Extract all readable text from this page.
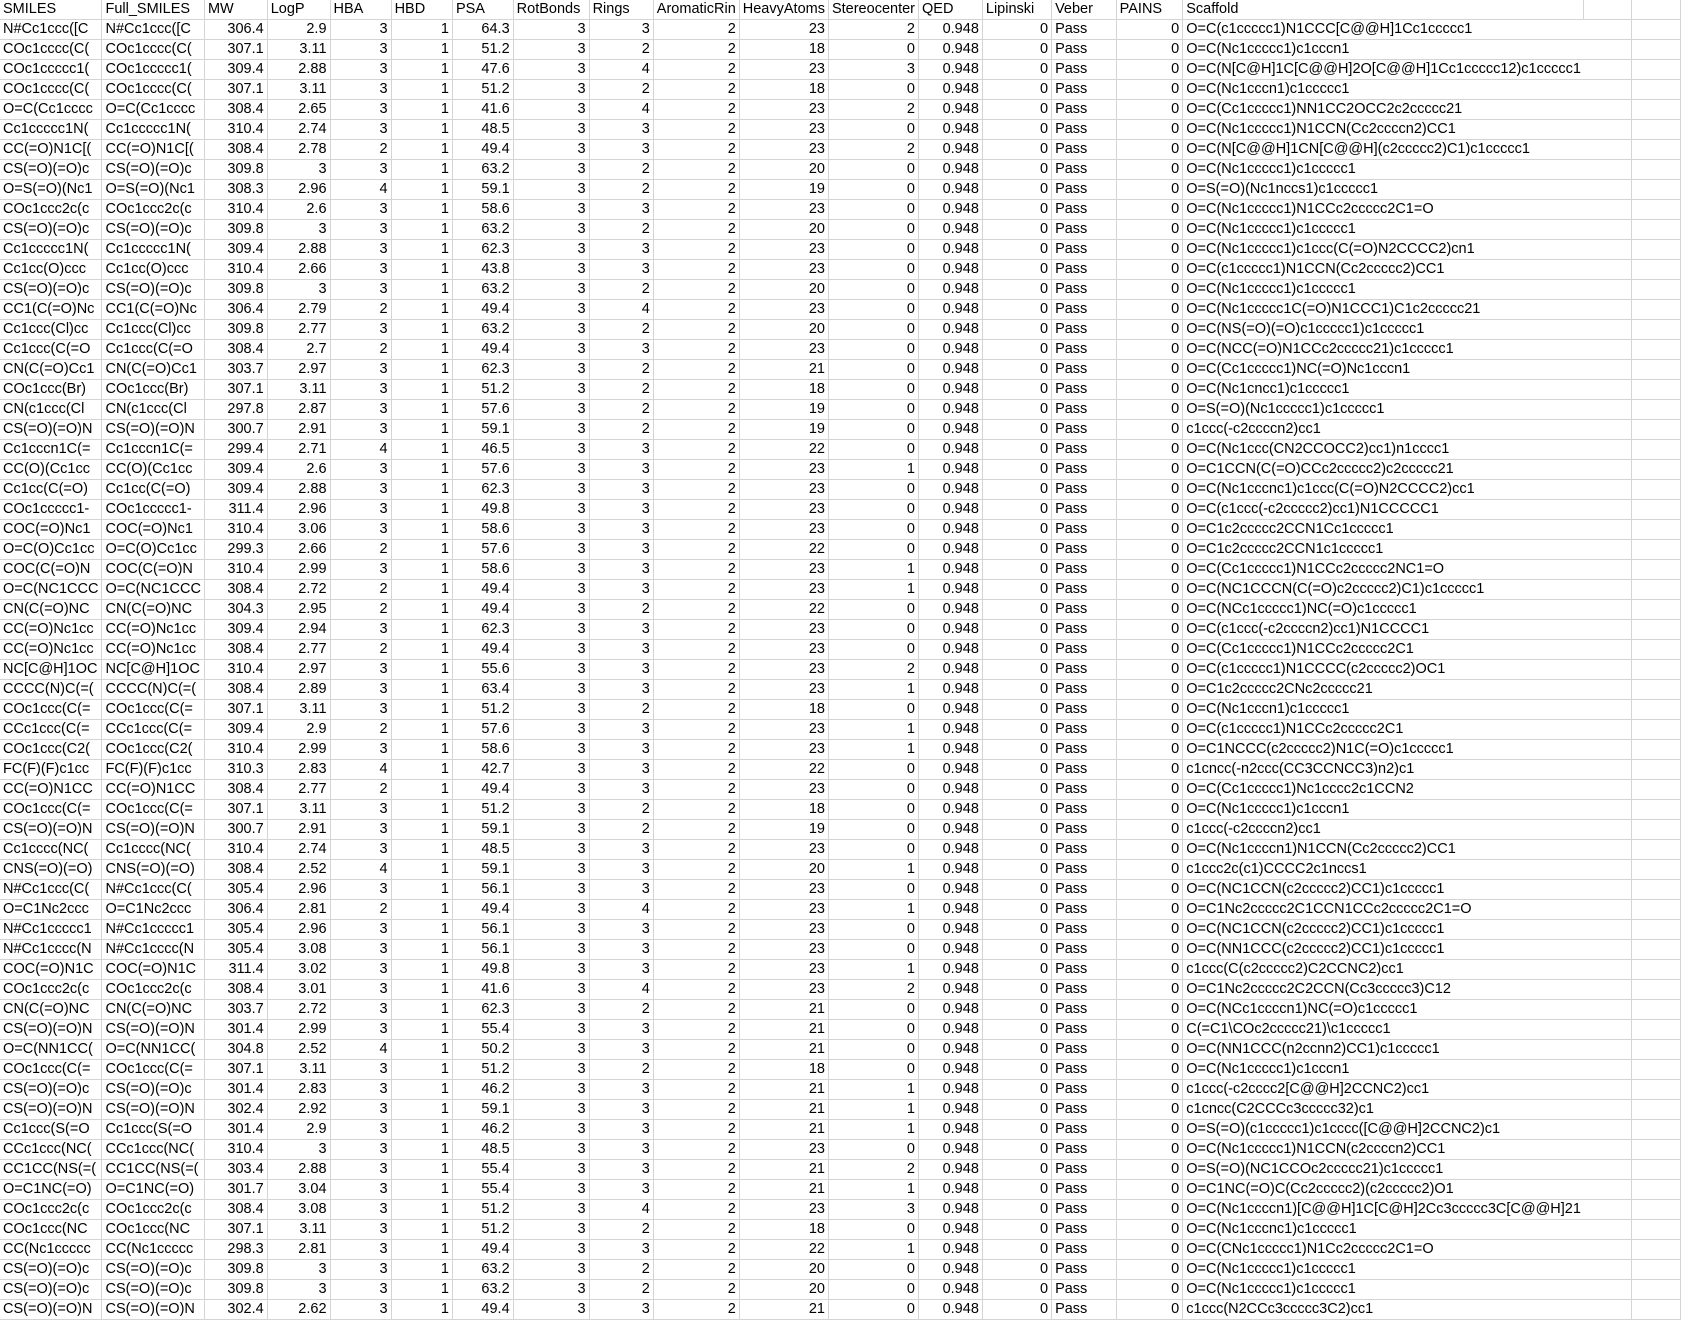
SMILES	Full_SMILES	MW	LogP	HBA	HBD	PSA	RotBonds	Rings	AromaticRin	HeavyAtoms	Stereocenter	QED	Lipinski	Veber	PAINS	Scaffold		
N#Cc1ccc([C	N#Cc1ccc([C	306.4	2.9	3	1	64.3	3	3	2	23	2	0.948	0	Pass	0	O=C(c1ccccc1)N1CCC[C@@H]1Cc1ccccc1		
COc1cccc(C(	COc1cccc(C(	307.1	3.11	3	1	51.2	3	2	2	18	0	0.948	0	Pass	0	O=C(Nc1ccccc1)c1cccn1		
COc1ccccc1(	COc1ccccc1(	309.4	2.88	3	1	47.6	3	4	2	23	3	0.948	0	Pass	0	O=C(N[C@H]1C[C@@H]2O[C@@H]1Cc1ccccc12)c1ccccc1		
COc1cccc(C(	COc1cccc(C(	307.1	3.11	3	1	51.2	3	2	2	18	0	0.948	0	Pass	0	O=C(Nc1cccn1)c1ccccc1		
O=C(Cc1cccc	O=C(Cc1cccc	308.4	2.65	3	1	41.6	3	4	2	23	2	0.948	0	Pass	0	O=C(Cc1ccccc1)NN1CC2OCC2c2ccccc21		
Cc1ccccc1N(	Cc1ccccc1N(	310.4	2.74	3	1	48.5	3	3	2	23	0	0.948	0	Pass	0	O=C(Nc1ccccc1)N1CCN(Cc2ccccn2)CC1		
CC(=O)N1C[(	CC(=O)N1C[(	308.4	2.78	2	1	49.4	3	3	2	23	2	0.948	0	Pass	0	O=C(N[C@@H]1CN[C@@H](c2ccccc2)C1)c1ccccc1		
CS(=O)(=O)c	CS(=O)(=O)c	309.8	3	3	1	63.2	3	2	2	20	0	0.948	0	Pass	0	O=C(Nc1ccccc1)c1ccccc1		
O=S(=O)(Nc1	O=S(=O)(Nc1	308.3	2.96	4	1	59.1	3	2	2	19	0	0.948	0	Pass	0	O=S(=O)(Nc1nccs1)c1ccccc1		
COc1ccc2c(c	COc1ccc2c(c	310.4	2.6	3	1	58.6	3	3	2	23	0	0.948	0	Pass	0	O=C(Nc1ccccc1)N1CCc2ccccc2C1=O		
CS(=O)(=O)c	CS(=O)(=O)c	309.8	3	3	1	63.2	3	2	2	20	0	0.948	0	Pass	0	O=C(Nc1ccccc1)c1ccccc1		
Cc1ccccc1N(	Cc1ccccc1N(	309.4	2.88	3	1	62.3	3	3	2	23	0	0.948	0	Pass	0	O=C(Nc1ccccc1)c1ccc(C(=O)N2CCCC2)cn1		
Cc1cc(O)ccc	Cc1cc(O)ccc	310.4	2.66	3	1	43.8	3	3	2	23	0	0.948	0	Pass	0	O=C(c1ccccc1)N1CCN(Cc2ccccc2)CC1		
CS(=O)(=O)c	CS(=O)(=O)c	309.8	3	3	1	63.2	3	2	2	20	0	0.948	0	Pass	0	O=C(Nc1ccccc1)c1ccccc1		
CC1(C(=O)Nc	CC1(C(=O)Nc	306.4	2.79	2	1	49.4	3	4	2	23	0	0.948	0	Pass	0	O=C(Nc1ccccc1C(=O)N1CCC1)C1c2ccccc21		
Cc1ccc(Cl)cc	Cc1ccc(Cl)cc	309.8	2.77	3	1	63.2	3	2	2	20	0	0.948	0	Pass	0	O=C(NS(=O)(=O)c1ccccc1)c1ccccc1		
Cc1ccc(C(=O	Cc1ccc(C(=O	308.4	2.7	2	1	49.4	3	3	2	23	0	0.948	0	Pass	0	O=C(NCC(=O)N1CCc2ccccc21)c1ccccc1		
CN(C(=O)Cc1	CN(C(=O)Cc1	303.7	2.97	3	1	62.3	3	2	2	21	0	0.948	0	Pass	0	O=C(Cc1ccccc1)NC(=O)Nc1cccn1		
COc1ccc(Br)	COc1ccc(Br)	307.1	3.11	3	1	51.2	3	2	2	18	0	0.948	0	Pass	0	O=C(Nc1cncc1)c1ccccc1		
CN(c1ccc(Cl	CN(c1ccc(Cl	297.8	2.87	3	1	57.6	3	2	2	19	0	0.948	0	Pass	0	O=S(=O)(Nc1ccccc1)c1ccccc1		
CS(=O)(=O)N	CS(=O)(=O)N	300.7	2.91	3	1	59.1	3	2	2	19	0	0.948	0	Pass	0	c1ccc(-c2ccccn2)cc1		
Cc1cccn1C(=	Cc1cccn1C(=	299.4	2.71	4	1	46.5	3	3	2	22	0	0.948	0	Pass	0	O=C(Nc1ccc(CN2CCOCC2)cc1)n1cccc1		
CC(O)(Cc1cc	CC(O)(Cc1cc	309.4	2.6	3	1	57.6	3	3	2	23	1	0.948	0	Pass	0	O=C1CCN(C(=O)CCc2ccccc2)c2ccccc21		
Cc1cc(C(=O)	Cc1cc(C(=O)	309.4	2.88	3	1	62.3	3	3	2	23	0	0.948	0	Pass	0	O=C(Nc1cccnc1)c1ccc(C(=O)N2CCCC2)cc1		
COc1ccccc1-	COc1ccccc1-	311.4	2.96	3	1	49.8	3	3	2	23	0	0.948	0	Pass	0	O=C(c1ccc(-c2ccccc2)cc1)N1CCCCC1		
COC(=O)Nc1	COC(=O)Nc1	310.4	3.06	3	1	58.6	3	3	2	23	0	0.948	0	Pass	0	O=C1c2ccccc2CCN1Cc1ccccc1		
O=C(O)Cc1cc	O=C(O)Cc1cc	299.3	2.66	2	1	57.6	3	3	2	22	0	0.948	0	Pass	0	O=C1c2ccccc2CCN1c1ccccc1		
COC(C(=O)N	COC(C(=O)N	310.4	2.99	3	1	58.6	3	3	2	23	1	0.948	0	Pass	0	O=C(Cc1ccccc1)N1CCc2ccccc2NC1=O		
O=C(NC1CCC	O=C(NC1CCC	308.4	2.72	2	1	49.4	3	3	2	23	1	0.948	0	Pass	0	O=C(NC1CCCN(C(=O)c2ccccc2)C1)c1ccccc1		
CN(C(=O)NC	CN(C(=O)NC	304.3	2.95	2	1	49.4	3	2	2	22	0	0.948	0	Pass	0	O=C(NCc1ccccc1)NC(=O)c1ccccc1		
CC(=O)Nc1cc	CC(=O)Nc1cc	309.4	2.94	3	1	62.3	3	3	2	23	0	0.948	0	Pass	0	O=C(c1ccc(-c2ccccn2)cc1)N1CCCC1		
CC(=O)Nc1cc	CC(=O)Nc1cc	308.4	2.77	2	1	49.4	3	3	2	23	0	0.948	0	Pass	0	O=C(Cc1ccccc1)N1CCc2ccccc2C1		
NC[C@H]1OC	NC[C@H]1OC	310.4	2.97	3	1	55.6	3	3	2	23	2	0.948	0	Pass	0	O=C(c1ccccc1)N1CCCC(c2ccccc2)OC1		
CCCC(N)C(=(	CCCC(N)C(=(	308.4	2.89	3	1	63.4	3	3	2	23	1	0.948	0	Pass	0	O=C1c2ccccc2CNc2ccccc21		
COc1ccc(C(=	COc1ccc(C(=	307.1	3.11	3	1	51.2	3	2	2	18	0	0.948	0	Pass	0	O=C(Nc1cccn1)c1ccccc1		
CCc1ccc(C(=	CCc1ccc(C(=	309.4	2.9	2	1	57.6	3	3	2	23	1	0.948	0	Pass	0	O=C(c1ccccc1)N1CCc2ccccc2C1		
COc1ccc(C2(	COc1ccc(C2(	310.4	2.99	3	1	58.6	3	3	2	23	1	0.948	0	Pass	0	O=C1NCCC(c2ccccc2)N1C(=O)c1ccccc1		
FC(F)(F)c1cc	FC(F)(F)c1cc	310.3	2.83	4	1	42.7	3	3	2	22	0	0.948	0	Pass	0	c1cncc(-n2ccc(CC3CCNCC3)n2)c1		
CC(=O)N1CC	CC(=O)N1CC	308.4	2.77	2	1	49.4	3	3	2	23	0	0.948	0	Pass	0	O=C(Cc1ccccc1)Nc1cccc2c1CCN2		
COc1ccc(C(=	COc1ccc(C(=	307.1	3.11	3	1	51.2	3	2	2	18	0	0.948	0	Pass	0	O=C(Nc1ccccc1)c1cccn1		
CS(=O)(=O)N	CS(=O)(=O)N	300.7	2.91	3	1	59.1	3	2	2	19	0	0.948	0	Pass	0	c1ccc(-c2ccccn2)cc1		
Cc1cccc(NC(	Cc1cccc(NC(	310.4	2.74	3	1	48.5	3	3	2	23	0	0.948	0	Pass	0	O=C(Nc1ccccn1)N1CCN(Cc2ccccc2)CC1		
CNS(=O)(=O)	CNS(=O)(=O)	308.4	2.52	4	1	59.1	3	3	2	20	1	0.948	0	Pass	0	c1ccc2c(c1)CCCC2c1nccs1		
N#Cc1ccc(C(	N#Cc1ccc(C(	305.4	2.96	3	1	56.1	3	3	2	23	0	0.948	0	Pass	0	O=C(NC1CCN(c2ccccc2)CC1)c1ccccc1		
O=C1Nc2ccc	O=C1Nc2ccc	306.4	2.81	2	1	49.4	3	4	2	23	1	0.948	0	Pass	0	O=C1Nc2ccccc2C1CCN1CCc2ccccc2C1=O		
N#Cc1ccccc1	N#Cc1ccccc1	305.4	2.96	3	1	56.1	3	3	2	23	0	0.948	0	Pass	0	O=C(NC1CCN(c2ccccc2)CC1)c1ccccc1		
N#Cc1cccc(N	N#Cc1cccc(N	305.4	3.08	3	1	56.1	3	3	2	23	0	0.948	0	Pass	0	O=C(NN1CCC(c2ccccc2)CC1)c1ccccc1		
COC(=O)N1C	COC(=O)N1C	311.4	3.02	3	1	49.8	3	3	2	23	1	0.948	0	Pass	0	c1ccc(C(c2ccccc2)C2CCNC2)cc1		
COc1ccc2c(c	COc1ccc2c(c	308.4	3.01	3	1	41.6	3	4	2	23	2	0.948	0	Pass	0	O=C1Nc2ccccc2C2CCN(Cc3ccccc3)C12		
CN(C(=O)NC	CN(C(=O)NC	303.7	2.72	3	1	62.3	3	2	2	21	0	0.948	0	Pass	0	O=C(NCc1ccccn1)NC(=O)c1ccccc1		
CS(=O)(=O)N	CS(=O)(=O)N	301.4	2.99	3	1	55.4	3	3	2	21	0	0.948	0	Pass	0	C(=C1\COc2ccccc21)\c1ccccc1		
O=C(NN1CC(	O=C(NN1CC(	304.8	2.52	4	1	50.2	3	3	2	21	0	0.948	0	Pass	0	O=C(NN1CCC(n2ccnn2)CC1)c1ccccc1		
COc1ccc(C(=	COc1ccc(C(=	307.1	3.11	3	1	51.2	3	2	2	18	0	0.948	0	Pass	0	O=C(Nc1ccccc1)c1cccn1		
CS(=O)(=O)c	CS(=O)(=O)c	301.4	2.83	3	1	46.2	3	3	2	21	1	0.948	0	Pass	0	c1ccc(-c2cccc2[C@@H]2CCNC2)cc1		
CS(=O)(=O)N	CS(=O)(=O)N	302.4	2.92	3	1	59.1	3	3	2	21	1	0.948	0	Pass	0	c1cncc(C2CCCc3ccccc32)c1		
Cc1ccc(S(=O	Cc1ccc(S(=O	301.4	2.9	3	1	46.2	3	3	2	21	1	0.948	0	Pass	0	O=S(=O)(c1ccccc1)c1cccc([C@@H]2CCNC2)c1		
CCc1ccc(NC(	CCc1ccc(NC(	310.4	3	3	1	48.5	3	3	2	23	0	0.948	0	Pass	0	O=C(Nc1ccccc1)N1CCN(c2ccccn2)CC1		
CC1CC(NS(=(	CC1CC(NS(=(	303.4	2.88	3	1	55.4	3	3	2	21	2	0.948	0	Pass	0	O=S(=O)(NC1CCOc2ccccc21)c1ccccc1		
O=C1NC(=O)	O=C1NC(=O)	301.7	3.04	3	1	55.4	3	3	2	21	1	0.948	0	Pass	0	O=C1NC(=O)C(Cc2ccccc2)(c2ccccc2)O1		
COc1ccc2c(c	COc1ccc2c(c	308.4	3.08	3	1	51.2	3	4	2	23	3	0.948	0	Pass	0	O=C(Nc1ccccn1)[C@@H]1C[C@H]2Cc3ccccc3C[C@@H]21		
COc1ccc(NC	COc1ccc(NC	307.1	3.11	3	1	51.2	3	2	2	18	0	0.948	0	Pass	0	O=C(Nc1cccnc1)c1ccccc1		
CC(Nc1ccccc	CC(Nc1ccccc	298.3	2.81	3	1	49.4	3	3	2	22	1	0.948	0	Pass	0	O=C(CNc1ccccc1)N1Cc2ccccc2C1=O		
CS(=O)(=O)c	CS(=O)(=O)c	309.8	3	3	1	63.2	3	2	2	20	0	0.948	0	Pass	0	O=C(Nc1ccccc1)c1ccccc1		
CS(=O)(=O)c	CS(=O)(=O)c	309.8	3	3	1	63.2	3	2	2	20	0	0.948	0	Pass	0	O=C(Nc1ccccc1)c1ccccc1		
CS(=O)(=O)N	CS(=O)(=O)N	302.4	2.62	3	1	49.4	3	3	2	21	0	0.948	0	Pass	0	c1ccc(N2CCc3ccccc3C2)cc1		
